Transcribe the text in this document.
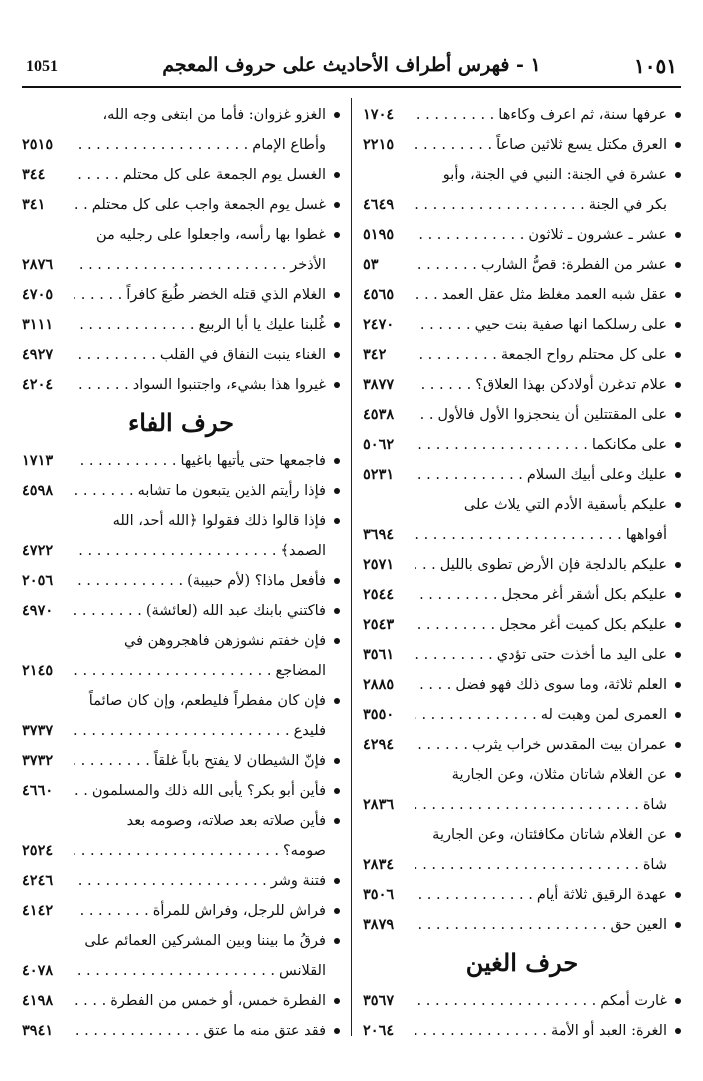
1051	١ - فهرس أطراف الأحاديث على حروف المعجم	١٠٥١
عرفها سنة، ثم اعرف وكاءها
. . .
١٧٠٤
العرق مكتل يسع ثلاثين صاعاً
. . .
٢٢١٥
عشرة في الجنة: النبي في الجنة، وأبو
بكر في الجنة
. . .
٤٦٤٩
عشر ـ عشرون ـ ثلاثون
. . .
٥١٩٥
عشر من الفطرة: قصُّ الشارب
. . .
٥٣
عقل شبه العمد مغلظ مثل عقل العمد
. . .
٤٥٦٥
على رسلكما انها صفية بنت حيي
. . .
٢٤٧٠
على كل محتلم رواح الجمعة
. . .
٣٤٢
علام تدغرن أولادكن بهذا العلاق؟
. . .
٣٨٧٧
على المقتتلين أن ينحجزوا الأول فالأول
. . .
٤٥٣٨
على مكانكما
. . .
٥٠٦٢
عليك وعلى أبيك السلام
. . .
٥٢٣١
عليكم بأسقية الأدم التي يلاث على
أفواهها
. . .
٣٦٩٤
عليكم بالدلجة فإن الأرض تطوى بالليل
. . .
٢٥٧١
عليكم بكل أشقر أغر محجل
. . .
٢٥٤٤
عليكم بكل كميت أغر محجل
. . .
٢٥٤٣
على اليد ما أخذت حتى تؤدي
. . .
٣٥٦١
العلم ثلاثة، وما سوى ذلك فهو فضل
. . .
٢٨٨٥
العمرى لمن وهبت له
. . .
٣٥٥٠
عمران بيت المقدس خراب يثرب
. . .
٤٢٩٤
عن الغلام شاتان مثلان، وعن الجارية
شاة
. . .
٢٨٣٦
عن الغلام شاتان مكافئتان، وعن الجارية
شاة
. . .
٢٨٣٤
عهدة الرقيق ثلاثة أيام
. . .
٣٥٠٦
العين حق
. . .
٣٨٧٩
حرف الغين
غارت أمكم
. . .
٣٥٦٧
الغرة: العبد أو الأمة
. . .
٢٠٦٤
الغزو غزوان: فأما من ابتغى وجه الله،
وأطاع الإمام
. . .
٢٥١٥
الغسل يوم الجمعة على كل محتلم
. . .
٣٤٤
غسل يوم الجمعة واجب على كل محتلم
. . .
٣٤١
غطوا بها رأسه، واجعلوا على رجليه من
الأذخر
. . .
٢٨٧٦
الغلام الذي قتله الخضر طُبعَ كافراً
. . .
٤٧٠٥
غُلبنا عليك يا أبا الربيع
. . .
٣١١١
الغناء ينبت النفاق في القلب
. . .
٤٩٢٧
غيروا هذا بشيء، واجتنبوا السواد
. . .
٤٢٠٤
حرف الفاء
فاجمعها حتى يأتيها باغيها
. . .
١٧١٣
فإذا رأيتم الذين يتبعون ما تشابه
. . .
٤٥٩٨
فإذا قالوا ذلك فقولوا ﴿الله أحد، الله
الصمد﴾
. . .
٤٧٢٢
فأفعل ماذا؟ (لأم حبيبة)
. . .
٢٠٥٦
فاكتني بابنك عبد الله (لعائشة)
. . .
٤٩٧٠
فإن خفتم نشوزهن فاهجروهن في
المضاجع
. . .
٢١٤٥
فإن كان مفطراً فليطعم، وإن كان صائماً
فليدع
. . .
٣٧٣٧
فإنّ الشيطان لا يفتح باباً غلقاً
. . .
٣٧٣٢
فأين أبو بكر؟ يأبى الله ذلك والمسلمون
. . .
٤٦٦٠
فأين صلاته بعد صلاته، وصومه بعد
صومه؟
. . .
٢٥٢٤
فتنة وشر
. . .
٤٢٤٦
فراش للرجل، وفراش للمرأة
. . .
٤١٤٢
فرقُ ما بيننا وبين المشركين العمائم على
القلانس
. . .
٤٠٧٨
الفطرة خمس، أو خمس من الفطرة
. . .
٤١٩٨
فقد عتق منه ما عتق
. . .
٣٩٤١
